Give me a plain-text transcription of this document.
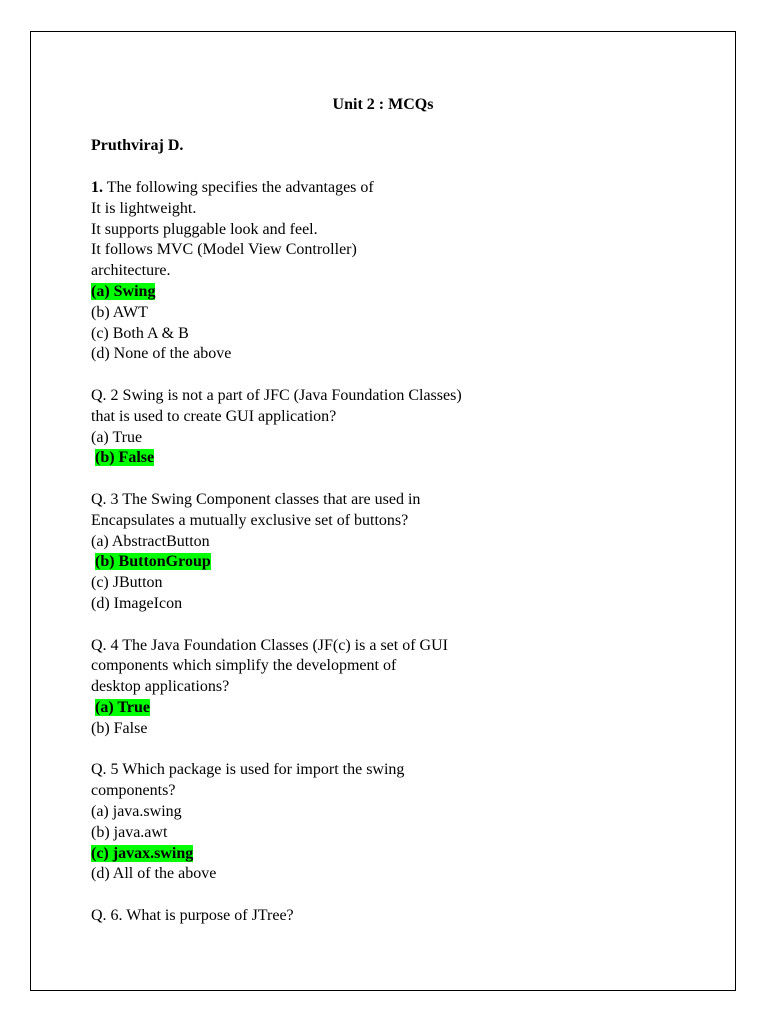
Unit 2 : MCQs
Pruthviraj D.
1. The following specifies the advantages of
It is lightweight.
It supports pluggable look and feel.
It follows MVC (Model View Controller)
architecture.
(a) Swing
(b) AWT
(c) Both A & B
(d) None of the above
Q. 2 Swing is not a part of JFC (Java Foundation Classes)
that is used to create GUI application?
(a) True
(b) False
Q. 3 The Swing Component classes that are used in
Encapsulates a mutually exclusive set of buttons?
(a) AbstractButton
(b) ButtonGroup
(c) JButton
(d) ImageIcon
Q. 4 The Java Foundation Classes (JF(c) is a set of GUI
components which simplify the development of
desktop applications?
(a) True
(b) False
Q. 5 Which package is used for import the swing
components?
(a) java.swing
(b) java.awt
(c) javax.swing
(d) All of the above
Q. 6. What is purpose of JTree?
